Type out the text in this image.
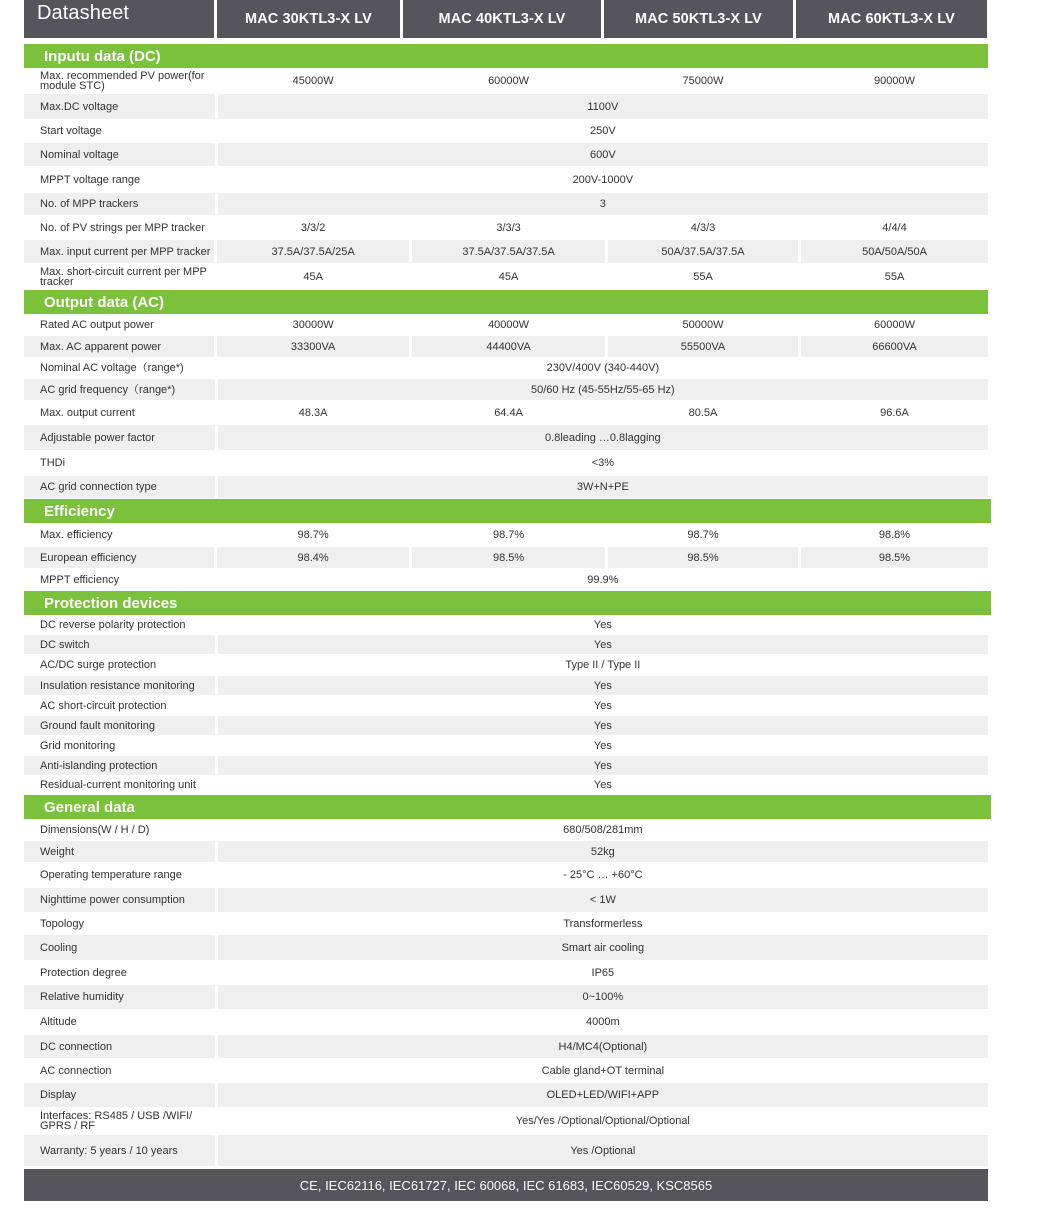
Datasheet	MAC 30KTL3-X LV	MAC 40KTL3-X LV	MAC 50KTL3-X LV	MAC 60KTL3-X LV
Inputu data (DC)
Max. recommended PV power(for module STC)	45000W	60000W	75000W	90000W
Max.DC voltage	1100V
Start voltage	250V
Nominal voltage	600V
MPPT voltage range	200V-1000V
No. of MPP trackers	3
No. of PV strings per MPP tracker	3/3/2	3/3/3	4/3/3	4/4/4
Max. input current per MPP tracker	37.5A/37.5A/25A	37.5A/37.5A/37.5A	50A/37.5A/37.5A	50A/50A/50A
Max. short-circuit current per MPP tracker	45A	45A	55A	55A
Output data (AC)
Rated AC output power	30000W	40000W	50000W	60000W
Max. AC apparent power	33300VA	44400VA	55500VA	66600VA
Nominal AC voltage（range*)	230V/400V (340-440V)
AC grid frequency（range*)	50/60 Hz (45-55Hz/55-65 Hz)
Max. output current	48.3A	64.4A	80.5A	96.6A
Adjustable power factor	0.8leading …0.8lagging
THDi	<3%
AC grid connection type	3W+N+PE
Efficiency
Max. efficiency	98.7%	98.7%	98.7%	98.8%
European efficiency	98.4%	98.5%	98.5%	98.5%
MPPT efficiency	99.9%
Protection devices
DC reverse polarity protection	Yes
DC switch	Yes
AC/DC surge protection	Type II / Type II
Insulation resistance monitoring	Yes
AC short-circuit protection	Yes
Ground fault monitoring	Yes
Grid monitoring	Yes
Anti-islanding protection	Yes
Residual-current monitoring unit	Yes
General data
Dimensions(W / H / D)	680/508/281mm
Weight	52kg
Operating temperature range	- 25°C … +60°C
Nighttime power consumption	< 1W
Topology	Transformerless
Cooling	Smart air cooling
Protection degree	IP65
Relative humidity	0~100%
Altitude	4000m
DC connection	H4/MC4(Optional)
AC connection	Cable gland+OT terminal
Display	OLED+LED/WIFI+APP
Interfaces: RS485 / USB /WIFI/ GPRS / RF	Yes/Yes /Optional/Optional/Optional
Warranty: 5 years / 10 years	Yes /Optional
CE, IEC62116, IEC61727, IEC 60068, IEC 61683, IEC60529, KSC8565
